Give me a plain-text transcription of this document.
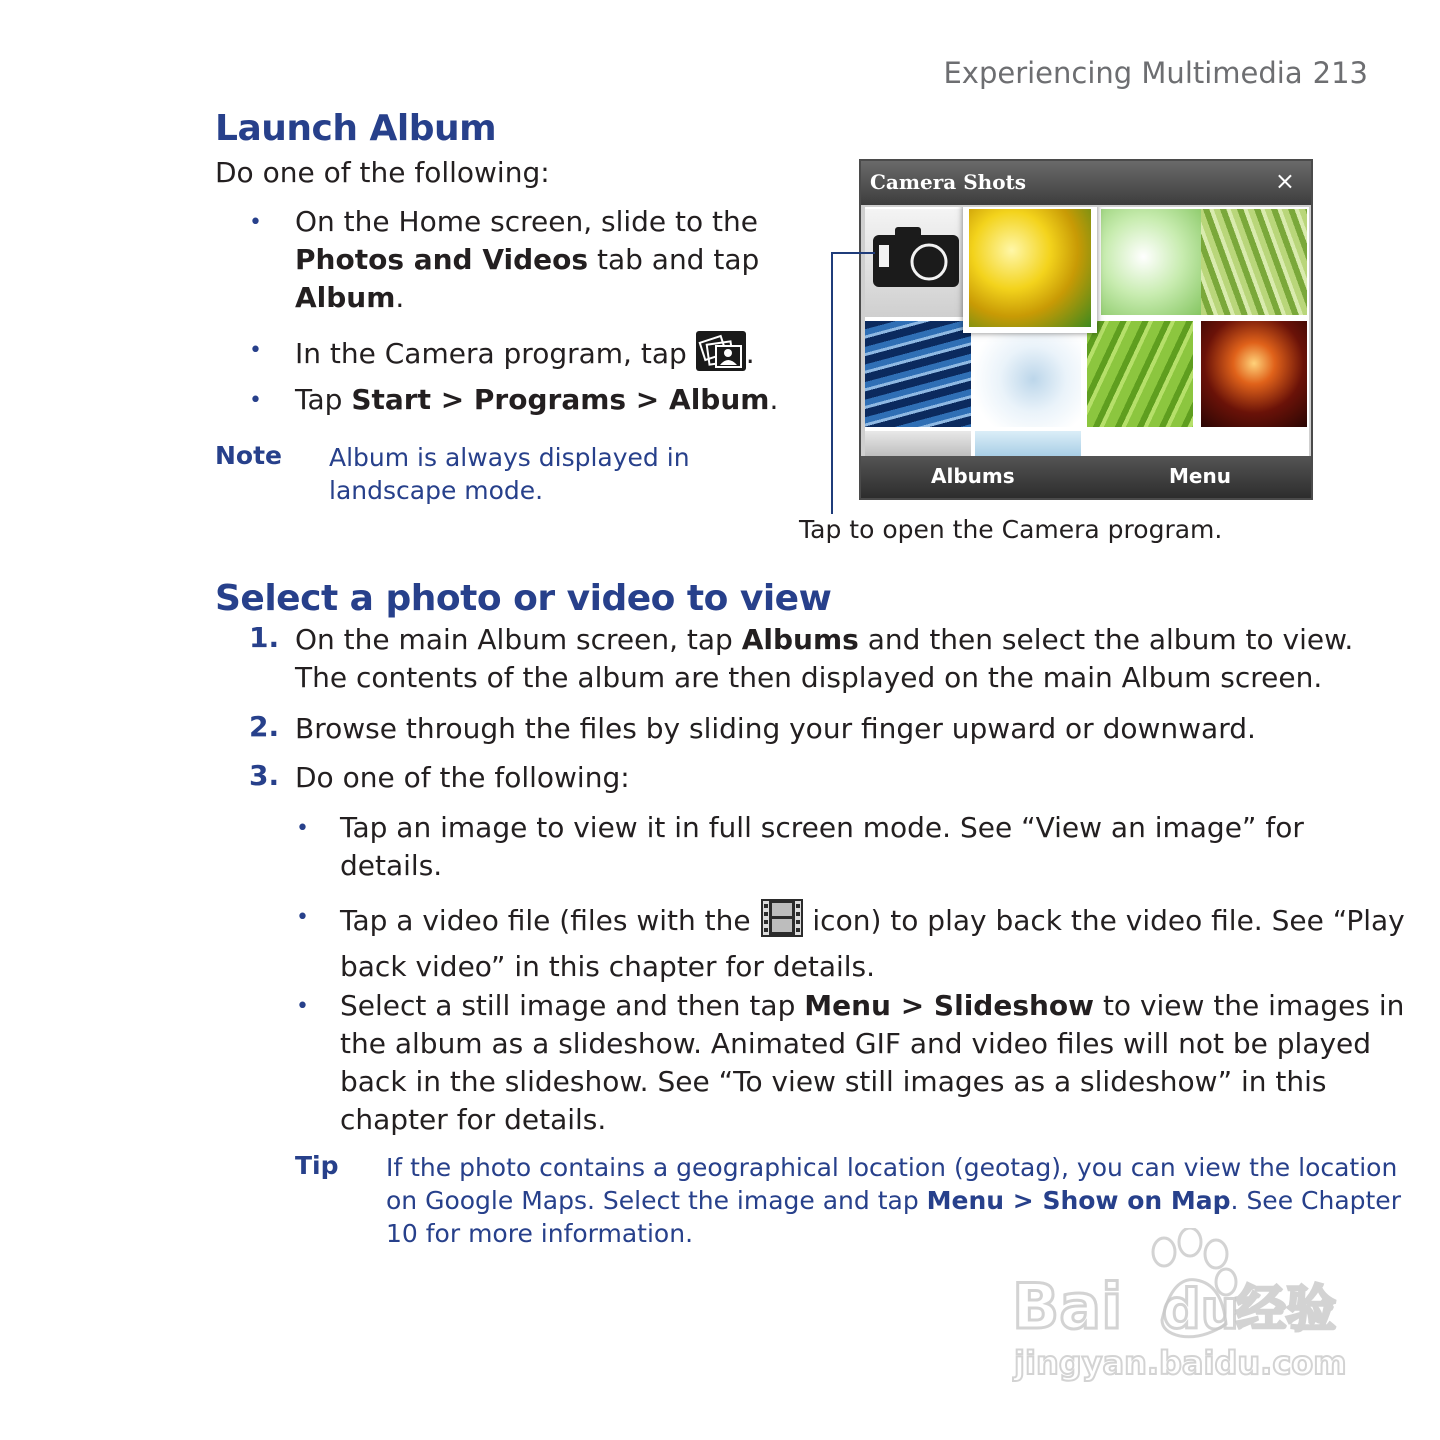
Experiencing Multimedia 213
Launch Album
Do one of the following:
• On the Home screen, slide to the
Photos and Videos tab and tap
Album.
• In the Camera program, tap .
• Tap Start > Programs > Album.
Note Album is always displayed in
landscape mode.
Camera Shots	×
Albums	Menu
Tap to open the Camera program.
Select a photo or video to view
1. On the main Album screen, tap Albums and then select the album to view.
The contents of the album are then displayed on the main Album screen.
2. Browse through the files by sliding your finger upward or downward.
3. Do one of the following:
• Tap an image to view it in full screen mode. See “View an image” for
details.
• Tap a video file (files with the icon) to play back the video file. See “Play
back video” in this chapter for details.
• Select a still image and then tap Menu > Slideshow to view the images in
the album as a slideshow. Animated GIF and video files will not be played
back in the slideshow. See “To view still images as a slideshow” in this
chapter for details.
Tip If the photo contains a geographical location (geotag), you can view the location
on Google Maps. Select the image and tap Menu > Show on Map. See Chapter
10 for more information.
Bai du
经验
jingyan.baidu.com
